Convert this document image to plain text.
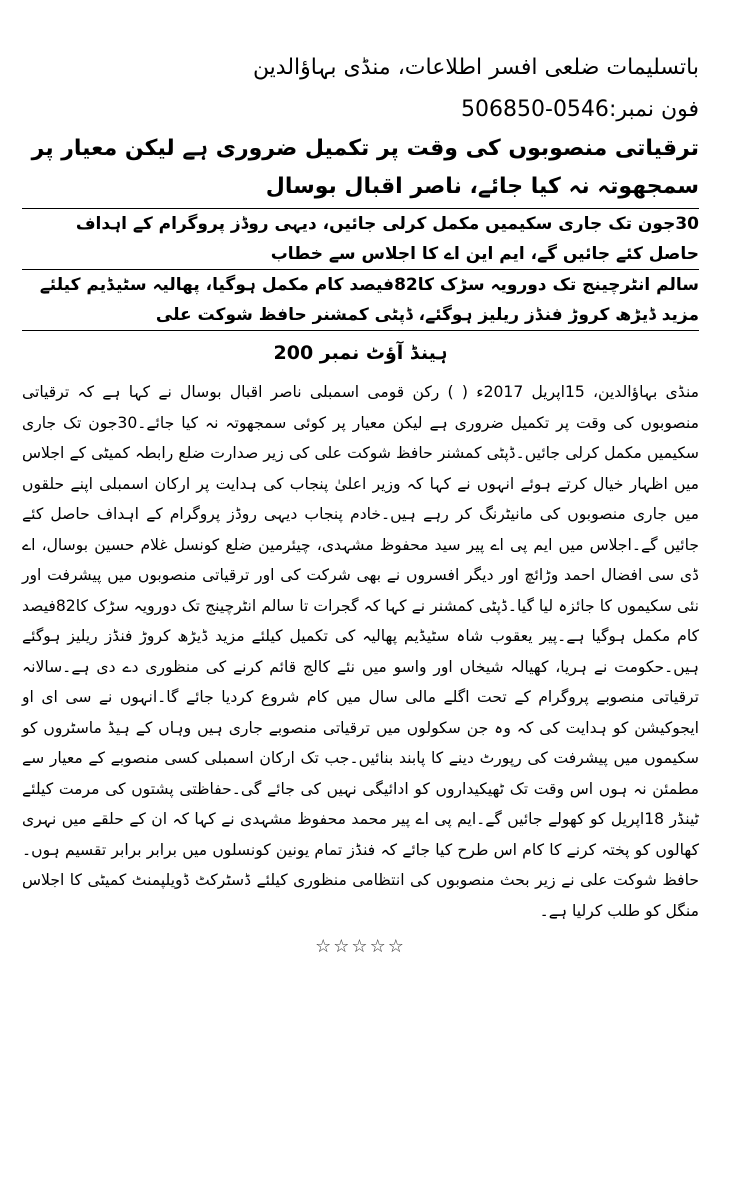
باتسلیمات ضلعی افسر اطلاعات، منڈی بہاؤالدین
فون نمبر:0546-506850
ترقیاتی منصوبوں کی وقت پر تکمیل ضروری ہے لیکن معیار پر سمجھوتہ نہ کیا جائے، ناصر اقبال بوسال
30جون تک جاری سکیمیں مکمل کرلی جائیں، دیہی روڈز پروگرام کے اہداف حاصل کئے جائیں گے، ایم این اے کا اجلاس سے خطاب
سالم انٹرچینج تک دورویہ سڑک کا82فیصد کام مکمل ہوگیا، پھالیہ سٹیڈیم کیلئے مزید ڈیڑھ کروڑ فنڈز ریلیز ہوگئے، ڈپٹی کمشنر حافظ شوکت علی
ہینڈ آؤٹ نمبر 200
منڈی بہاؤالدین، 15اپریل 2017ء ( ) رکن قومی اسمبلی ناصر اقبال بوسال نے کہا ہے کہ ترقیاتی منصوبوں کی وقت پر تکمیل ضروری ہے لیکن معیار پر کوئی سمجھوتہ نہ کیا جائے۔30جون تک جاری سکیمیں مکمل کرلی جائیں۔ڈپٹی کمشنر حافظ شوکت علی کی زیر صدارت ضلع رابطہ کمیٹی کے اجلاس میں اظہار خیال کرتے ہوئے انہوں نے کہا کہ وزیر اعلیٰ پنجاب کی ہدایت پر ارکان اسمبلی اپنے حلقوں میں جاری منصوبوں کی مانیٹرنگ کر رہے ہیں۔خادم پنجاب دیہی روڈز پروگرام کے اہداف حاصل کئے جائیں گے۔اجلاس میں ایم پی اے پیر سید محفوظ مشہدی، چیئرمین ضلع کونسل غلام حسین بوسال، اے ڈی سی افضال احمد وڑائچ اور دیگر افسروں نے بھی شرکت کی اور ترقیاتی منصوبوں میں پیشرفت اور نئی سکیموں کا جائزہ لیا گیا۔ڈپٹی کمشنر نے کہا کہ گجرات تا سالم انٹرچینج تک دورویہ سڑک کا82فیصد کام مکمل ہوگیا ہے۔پیر یعقوب شاہ سٹیڈیم پھالیہ کی تکمیل کیلئے مزید ڈیڑھ کروڑ فنڈز ریلیز ہوگئے ہیں۔حکومت نے ہریا، کھیالہ شیخاں اور واسو میں نئے کالج قائم کرنے کی منظوری دے دی ہے۔سالانہ ترقیاتی منصوبے پروگرام کے تحت اگلے مالی سال میں کام شروع کردیا جائے گا۔انہوں نے سی ای او ایجوکیشن کو ہدایت کی کہ وہ جن سکولوں میں ترقیاتی منصوبے جاری ہیں وہاں کے ہیڈ ماسٹروں کو سکیموں میں پیشرفت کی رپورٹ دینے کا پابند بنائیں۔جب تک ارکان اسمبلی کسی منصوبے کے معیار سے مطمئن نہ ہوں اس وقت تک ٹھیکیداروں کو ادائیگی نہیں کی جائے گی۔حفاظتی پشتوں کی مرمت کیلئے ٹینڈر 18اپریل کو کھولے جائیں گے۔ایم پی اے پیر محمد محفوظ مشہدی نے کہا کہ ان کے حلقے میں نہری کھالوں کو پختہ کرنے کا کام اس طرح کیا جائے کہ فنڈز تمام یونین کونسلوں میں برابر برابر تقسیم ہوں۔حافظ شوکت علی نے زیر بحث منصوبوں کی انتظامی منظوری کیلئے ڈسٹرکٹ ڈویلپمنٹ کمیٹی کا اجلاس منگل کو طلب کرلیا ہے۔
☆☆☆☆☆
